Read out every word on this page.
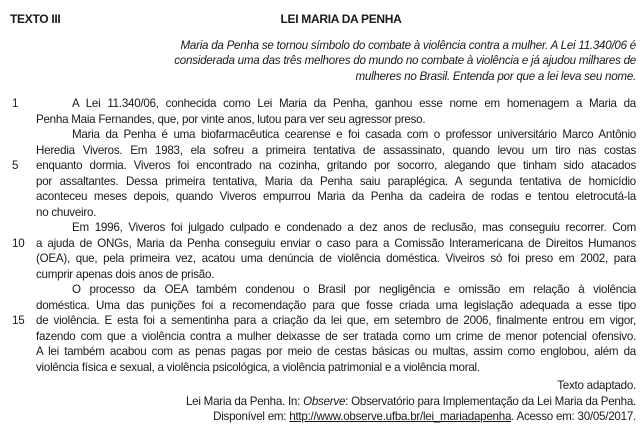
TEXTO III	LEI MARIA DA PENHA
Maria da Penha se tornou símbolo do combate à violência contra a mulher. A Lei 11.340/06 é
considerada uma das três melhores do mundo no combate à violência e já ajudou milhares de
mulheres no Brasil. Entenda por que a lei leva seu nome.
1	A Lei 11.340/06, conhecida como Lei Maria da Penha, ganhou esse nome em homenagem a Maria da
Penha Maia Fernandes, que, por vinte anos, lutou para ver seu agressor preso.
Maria da Penha é uma biofarmacêutica cearense e foi casada com o professor universitário Marco Antônio
Heredia Viveros. Em 1983, ela sofreu a primeira tentativa de assassinato, quando levou um tiro nas costas
5 enquanto dormia. Viveros foi encontrado na cozinha, gritando por socorro, alegando que tinham sido atacados
por assaltantes. Dessa primeira tentativa, Maria da Penha saiu paraplégica. A segunda tentativa de homicídio
aconteceu meses depois, quando Viveros empurrou Maria da Penha da cadeira de rodas e tentou eletrocutá-la
no chuveiro.
Em 1996, Viveros foi julgado culpado e condenado a dez anos de reclusão, mas conseguiu recorrer. Com
10 a ajuda de ONGs, Maria da Penha conseguiu enviar o caso para a Comissão Interamericana de Direitos Humanos
(OEA), que, pela primeira vez, acatou uma denúncia de violência doméstica. Viveiros só foi preso em 2002, para
cumprir apenas dois anos de prisão.
O processo da OEA também condenou o Brasil por negligência e omissão em relação à violência
doméstica. Uma das punições foi a recomendação para que fosse criada uma legislação adequada a esse tipo
15 de violência. E esta foi a sementinha para a criação da lei que, em setembro de 2006, finalmente entrou em vigor,
fazendo com que a violência contra a mulher deixasse de ser tratada como um crime de menor potencial ofensivo.
A lei também acabou com as penas pagas por meio de cestas básicas ou multas, assim como englobou, além da
violência física e sexual, a violência psicológica, a violência patrimonial e a violência moral.
Texto adaptado.
Lei Maria da Penha. In: Observe: Observatório para Implementação da Lei Maria da Penha.
Disponível em: http://www.observe.ufba.br/lei_mariadapenha. Acesso em: 30/05/2017.
